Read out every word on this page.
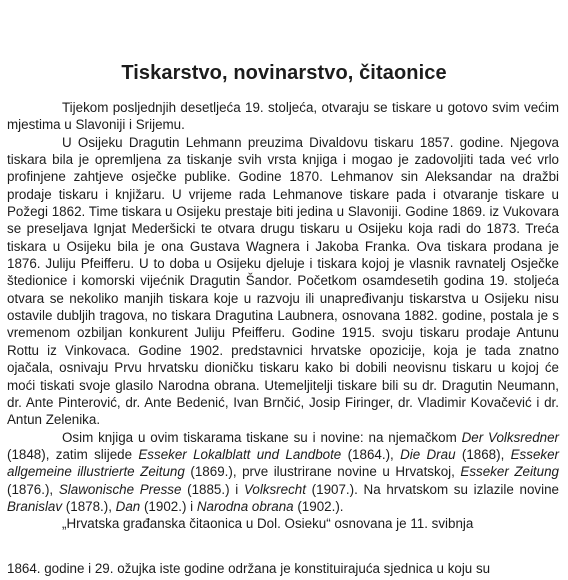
Tiskarstvo, novinarstvo, čitaonice

Tijekom posljednjih desetljeća 19. stoljeća, otvaraju se tiskare u gotovo svim većim mjestima u Slavoniji i Srijemu.

U Osijeku Dragutin Lehmann preuzima Divaldovu tiskaru 1857. godine. Njegova tiskara bila je opremljena za tiskanje svih vrsta knjiga i mogao je zadovoljiti tada već vrlo profinjene zahtjeve osječke publike. Godine 1870. Lehmanov sin Aleksandar na dražbi prodaje tiskaru i knjižaru. U vrijeme rada Lehmanove tiskare pada i otvaranje tiskare u Požegi 1862. Time tiskara u Osijeku prestaje biti jedina u Slavoniji. Godine 1869. iz Vukovara se preseljava Ignjat Mederšicki te otvara drugu tiskaru u Osijeku koja radi do 1873. Treća tiskara u Osijeku bila je ona Gustava Wagnera i Jakoba Franka. Ova tiskara prodana je 1876. Juliju Pfeifferu. U to doba u Osijeku djeluje i tiskara kojoj je vlasnik ravnatelj Osječke štedionice i komorski vijećnik Dragutin Šandor. Početkom osamdesetih godina 19. stoljeća otvara se nekoliko manjih tiskara koje u razvoju ili unapređivanju tiskarstva u Osijeku nisu ostavile dubljih tragova, no tiskara Dragutina Laubnera, osnovana 1882. godine, postala je s vremenom ozbiljan konkurent Juliju Pfeifferu. Godine 1915. svoju tiskaru prodaje Antunu Rottu iz Vinkovaca. Godine 1902. predstavnici hrvatske opozicije, koja je tada znatno ojačala, osnivaju Prvu hrvatsku dioničku tiskaru kako bi dobili neovisnu tiskaru u kojoj će moći tiskati svoje glasilo Narodna obrana. Utemeljitelji tiskare bili su dr. Dragutin Neumann, dr. Ante Pinterović, dr. Ante Bedenić, Ivan Brnčić, Josip Firinger, dr. Vladimir Kovačević i dr. Antun Zelenika.

Osim knjiga u ovim tiskarama tiskane su i novine: na njemačkom Der Volksredner (1848), zatim slijede Esseker Lokalblatt und Landbote (1864.), Die Drau (1868), Esseker allgemeine illustrierte Zeitung (1869.), prve ilustrirane novine u Hrvatskoj, Esseker Zeitung (1876.), Slawonische Presse (1885.) i Volksrecht (1907.). Na hrvatskom su izlazile novine Branislav (1878.), Dan (1902.) i Narodna obrana (1902.).

„Hrvatska građanska čitaonica u Dol. Osieku“ osnovana je 11. svibnja

1864. godine i 29. ožujka iste godine održana je konstituirajuća sjednica u koju su
